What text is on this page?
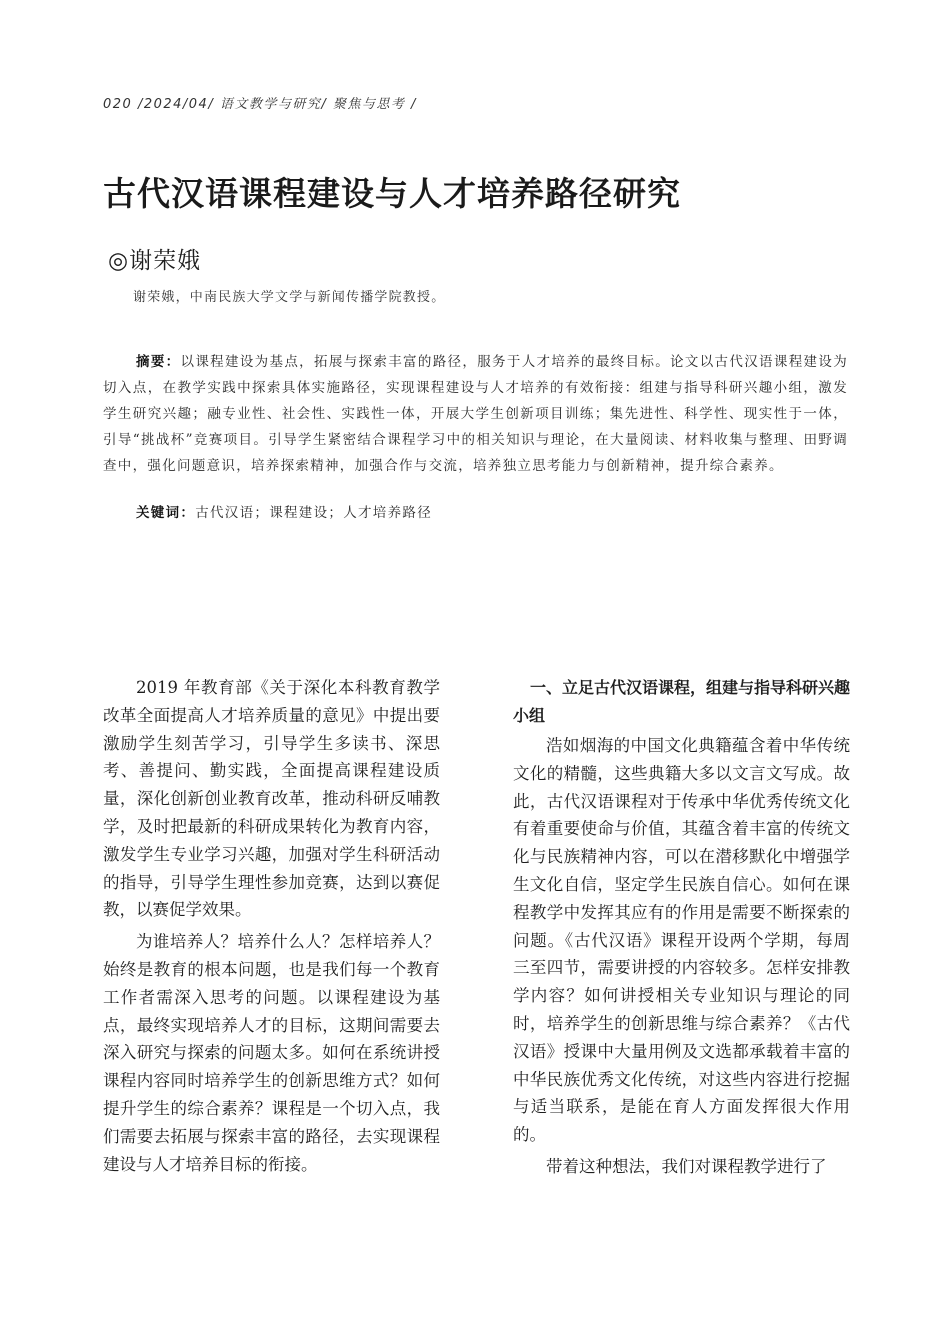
020 /2024/04/ 语文教学与研究/ 聚焦与思考 /
古代汉语课程建设与人才培养路径研究
◎谢荣娥
谢荣娥，中南民族大学文学与新闻传播学院教授。

摘要：以课程建设为基点，拓展与探索丰富的路径，服务于人才培养的最终目标。论文以古代汉语课程建设为切入点，在教学实践中探索具体实施路径，实现课程建设与人才培养的有效衔接：组建与指导科研兴趣小组，激发学生研究兴趣；融专业性、社会性、实践性一体，开展大学生创新项目训练；集先进性、科学性、现实性于一体，引导“挑战杯”竞赛项目。引导学生紧密结合课程学习中的相关知识与理论，在大量阅读、材料收集与整理、田野调查中，强化问题意识，培养探索精神，加强合作与交流，培养独立思考能力与创新精神，提升综合素养。

关键词：古代汉语；课程建设；人才培养路径

2019 年教育部《关于深化本科教育教学改革全面提高人才培养质量的意见》中提出要激励学生刻苦学习，引导学生多读书、深思考、善提问、勤实践，全面提高课程建设质量，深化创新创业教育改革，推动科研反哺教学，及时把最新的科研成果转化为教育内容，激发学生专业学习兴趣，加强对学生科研活动的指导，引导学生理性参加竞赛，达到以赛促教，以赛促学效果。

为谁培养人？培养什么人？怎样培养人？始终是教育的根本问题，也是我们每一个教育工作者需深入思考的问题。以课程建设为基点，最终实现培养人才的目标，这期间需要去深入研究与探索的问题太多。如何在系统讲授课程内容同时培养学生的创新思维方式？如何提升学生的综合素养？课程是一个切入点，我们需要去拓展与探索丰富的路径，去实现课程建设与人才培养目标的衔接。

一、立足古代汉语课程，组建与指导科研兴趣小组

浩如烟海的中国文化典籍蕴含着中华传统文化的精髓，这些典籍大多以文言文写成。故此，古代汉语课程对于传承中华优秀传统文化有着重要使命与价值，其蕴含着丰富的传统文化与民族精神内容，可以在潜移默化中增强学生文化自信，坚定学生民族自信心。如何在课程教学中发挥其应有的作用是需要不断探索的问题。《古代汉语》课程开设两个学期，每周三至四节，需要讲授的内容较多。怎样安排教学内容？如何讲授相关专业知识与理论的同时，培养学生的创新思维与综合素养？《古代汉语》授课中大量用例及文选都承载着丰富的中华民族优秀文化传统，对这些内容进行挖掘与适当联系，是能在育人方面发挥很大作用的。

带着这种想法，我们对课程教学进行了
